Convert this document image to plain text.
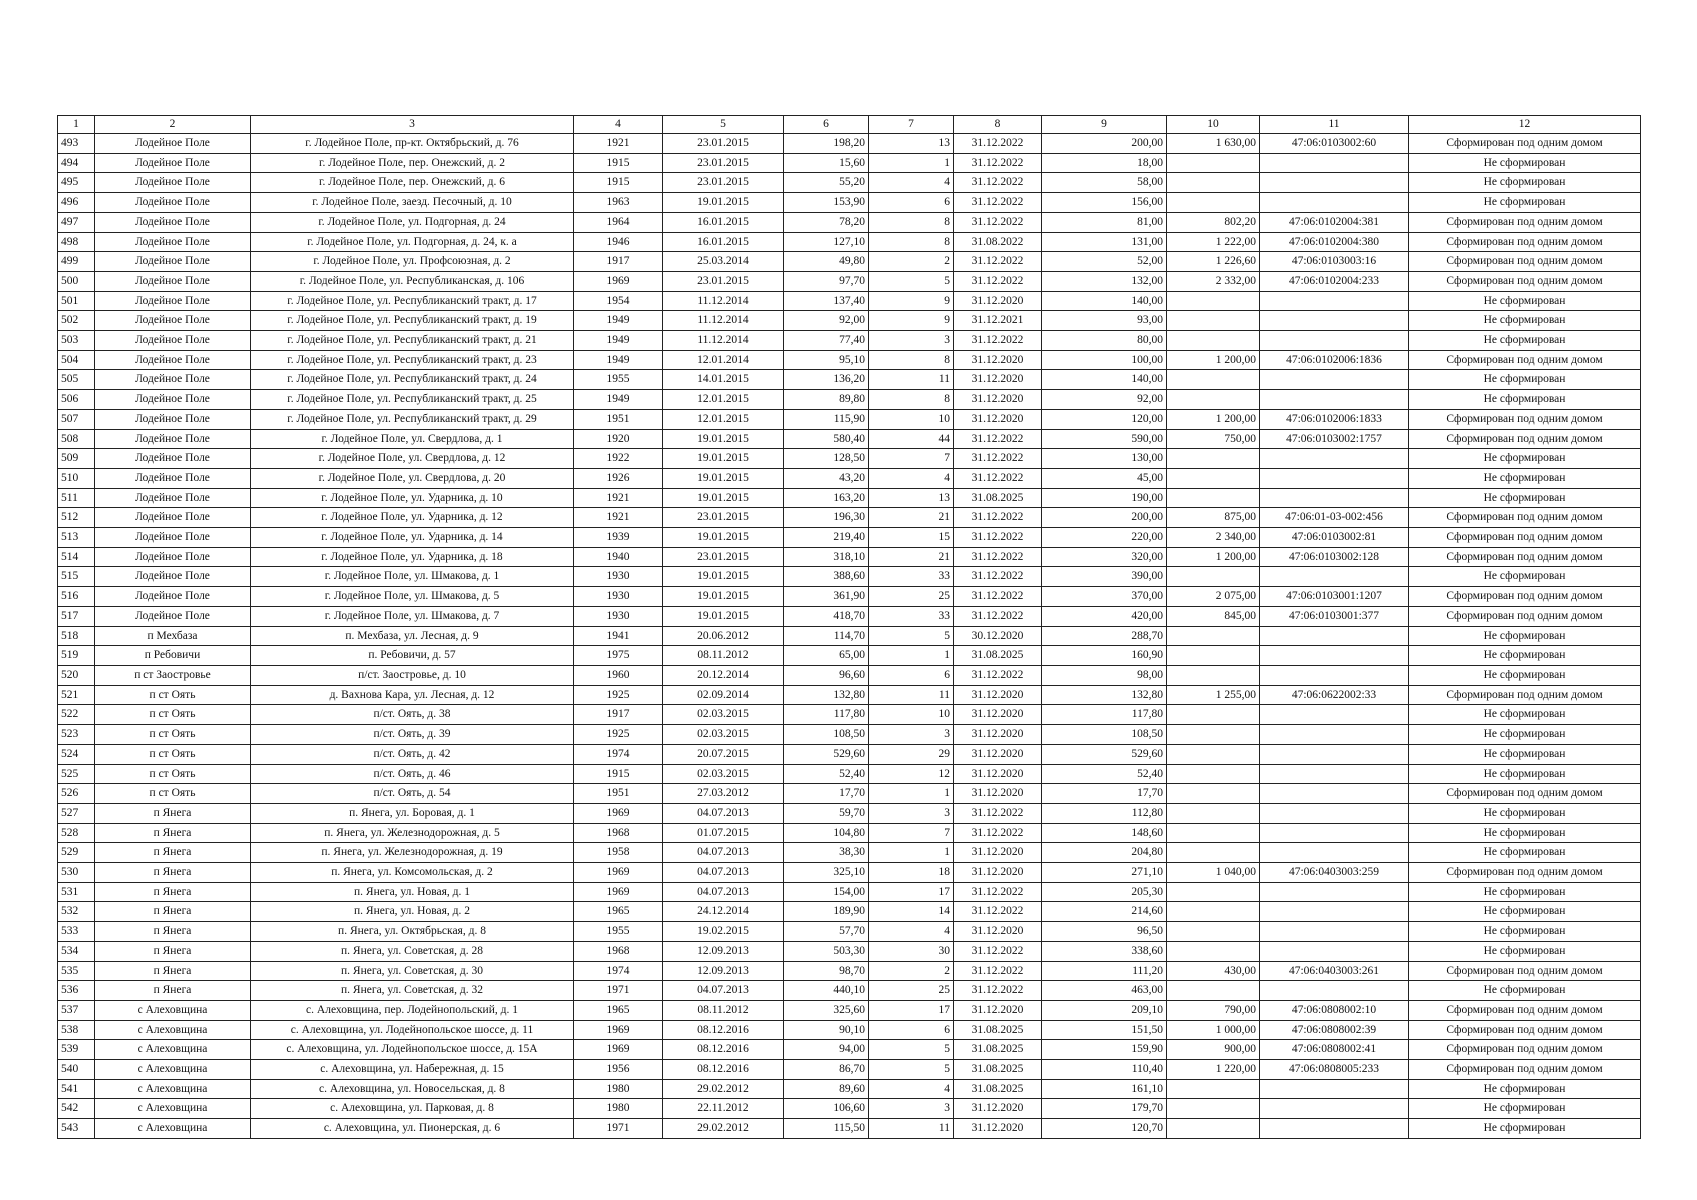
1	2	3	4	5	6	7	8	9	10	11	12
493	Лодейное Поле	г. Лодейное Поле, пр-кт. Октябрьский, д. 76	1921	23.01.2015	198,20	13	31.12.2022	200,00	1 630,00	47:06:0103002:60	Сформирован под одним домом
494	Лодейное Поле	г. Лодейное Поле, пер. Онежский, д. 2	1915	23.01.2015	15,60	1	31.12.2022	18,00			Не сформирован
495	Лодейное Поле	г. Лодейное Поле, пер. Онежский, д. 6	1915	23.01.2015	55,20	4	31.12.2022	58,00			Не сформирован
496	Лодейное Поле	г. Лодейное Поле, заезд. Песочный, д. 10	1963	19.01.2015	153,90	6	31.12.2022	156,00			Не сформирован
497	Лодейное Поле	г. Лодейное Поле, ул. Подгорная, д. 24	1964	16.01.2015	78,20	8	31.12.2022	81,00	802,20	47:06:0102004:381	Сформирован под одним домом
498	Лодейное Поле	г. Лодейное Поле, ул. Подгорная, д. 24, к. а	1946	16.01.2015	127,10	8	31.08.2022	131,00	1 222,00	47:06:0102004:380	Сформирован под одним домом
499	Лодейное Поле	г. Лодейное Поле, ул. Профсоюзная, д. 2	1917	25.03.2014	49,80	2	31.12.2022	52,00	1 226,60	47:06:0103003:16	Сформирован под одним домом
500	Лодейное Поле	г. Лодейное Поле, ул. Республиканская, д. 106	1969	23.01.2015	97,70	5	31.12.2022	132,00	2 332,00	47:06:0102004:233	Сформирован под одним домом
501	Лодейное Поле	г. Лодейное Поле, ул. Республиканский тракт, д. 17	1954	11.12.2014	137,40	9	31.12.2020	140,00			Не сформирован
502	Лодейное Поле	г. Лодейное Поле, ул. Республиканский тракт, д. 19	1949	11.12.2014	92,00	9	31.12.2021	93,00			Не сформирован
503	Лодейное Поле	г. Лодейное Поле, ул. Республиканский тракт, д. 21	1949	11.12.2014	77,40	3	31.12.2022	80,00			Не сформирован
504	Лодейное Поле	г. Лодейное Поле, ул. Республиканский тракт, д. 23	1949	12.01.2014	95,10	8	31.12.2020	100,00	1 200,00	47:06:0102006:1836	Сформирован под одним домом
505	Лодейное Поле	г. Лодейное Поле, ул. Республиканский тракт, д. 24	1955	14.01.2015	136,20	11	31.12.2020	140,00			Не сформирован
506	Лодейное Поле	г. Лодейное Поле, ул. Республиканский тракт, д. 25	1949	12.01.2015	89,80	8	31.12.2020	92,00			Не сформирован
507	Лодейное Поле	г. Лодейное Поле, ул. Республиканский тракт, д. 29	1951	12.01.2015	115,90	10	31.12.2020	120,00	1 200,00	47:06:0102006:1833	Сформирован под одним домом
508	Лодейное Поле	г. Лодейное Поле, ул. Свердлова, д. 1	1920	19.01.2015	580,40	44	31.12.2022	590,00	750,00	47:06:0103002:1757	Сформирован под одним домом
509	Лодейное Поле	г. Лодейное Поле, ул. Свердлова, д. 12	1922	19.01.2015	128,50	7	31.12.2022	130,00			Не сформирован
510	Лодейное Поле	г. Лодейное Поле, ул. Свердлова, д. 20	1926	19.01.2015	43,20	4	31.12.2022	45,00			Не сформирован
511	Лодейное Поле	г. Лодейное Поле, ул. Ударника, д. 10	1921	19.01.2015	163,20	13	31.08.2025	190,00			Не сформирован
512	Лодейное Поле	г. Лодейное Поле, ул. Ударника, д. 12	1921	23.01.2015	196,30	21	31.12.2022	200,00	875,00	47:06:01-03-002:456	Сформирован под одним домом
513	Лодейное Поле	г. Лодейное Поле, ул. Ударника, д. 14	1939	19.01.2015	219,40	15	31.12.2022	220,00	2 340,00	47:06:0103002:81	Сформирован под одним домом
514	Лодейное Поле	г. Лодейное Поле, ул. Ударника, д. 18	1940	23.01.2015	318,10	21	31.12.2022	320,00	1 200,00	47:06:0103002:128	Сформирован под одним домом
515	Лодейное Поле	г. Лодейное Поле, ул. Шмакова, д. 1	1930	19.01.2015	388,60	33	31.12.2022	390,00			Не сформирован
516	Лодейное Поле	г. Лодейное Поле, ул. Шмакова, д. 5	1930	19.01.2015	361,90	25	31.12.2022	370,00	2 075,00	47:06:0103001:1207	Сформирован под одним домом
517	Лодейное Поле	г. Лодейное Поле, ул. Шмакова, д. 7	1930	19.01.2015	418,70	33	31.12.2022	420,00	845,00	47:06:0103001:377	Сформирован под одним домом
518	п Мехбаза	п. Мехбаза, ул. Лесная, д. 9	1941	20.06.2012	114,70	5	30.12.2020	288,70			Не сформирован
519	п Ребовичи	п. Ребовичи, д. 57	1975	08.11.2012	65,00	1	31.08.2025	160,90			Не сформирован
520	п ст Заостровье	п/ст. Заостровье, д. 10	1960	20.12.2014	96,60	6	31.12.2022	98,00			Не сформирован
521	п ст Оять	д. Вахнова Кара, ул. Лесная, д. 12	1925	02.09.2014	132,80	11	31.12.2020	132,80	1 255,00	47:06:0622002:33	Сформирован под одним домом
522	п ст Оять	п/ст. Оять, д. 38	1917	02.03.2015	117,80	10	31.12.2020	117,80			Не сформирован
523	п ст Оять	п/ст. Оять, д. 39	1925	02.03.2015	108,50	3	31.12.2020	108,50			Не сформирован
524	п ст Оять	п/ст. Оять, д. 42	1974	20.07.2015	529,60	29	31.12.2020	529,60			Не сформирован
525	п ст Оять	п/ст. Оять, д. 46	1915	02.03.2015	52,40	12	31.12.2020	52,40			Не сформирован
526	п ст Оять	п/ст. Оять, д. 54	1951	27.03.2012	17,70	1	31.12.2020	17,70			Сформирован под одним домом
527	п Янега	п. Янега, ул. Боровая, д. 1	1969	04.07.2013	59,70	3	31.12.2022	112,80			Не сформирован
528	п Янега	п. Янега, ул. Железнодорожная, д. 5	1968	01.07.2015	104,80	7	31.12.2022	148,60			Не сформирован
529	п Янега	п. Янега, ул. Железнодорожная, д. 19	1958	04.07.2013	38,30	1	31.12.2020	204,80			Не сформирован
530	п Янега	п. Янега, ул. Комсомольская, д. 2	1969	04.07.2013	325,10	18	31.12.2020	271,10	1 040,00	47:06:0403003:259	Сформирован под одним домом
531	п Янега	п. Янега, ул. Новая, д. 1	1969	04.07.2013	154,00	17	31.12.2022	205,30			Не сформирован
532	п Янега	п. Янега, ул. Новая, д. 2	1965	24.12.2014	189,90	14	31.12.2022	214,60			Не сформирован
533	п Янега	п. Янега, ул. Октябрьская, д. 8	1955	19.02.2015	57,70	4	31.12.2020	96,50			Не сформирован
534	п Янега	п. Янега, ул. Советская, д. 28	1968	12.09.2013	503,30	30	31.12.2022	338,60			Не сформирован
535	п Янега	п. Янега, ул. Советская, д. 30	1974	12.09.2013	98,70	2	31.12.2022	111,20	430,00	47:06:0403003:261	Сформирован под одним домом
536	п Янега	п. Янега, ул. Советская, д. 32	1971	04.07.2013	440,10	25	31.12.2022	463,00			Не сформирован
537	с Алеховщина	с. Алеховщина, пер. Лодейнопольский, д. 1	1965	08.11.2012	325,60	17	31.12.2020	209,10	790,00	47:06:0808002:10	Сформирован под одним домом
538	с Алеховщина	с. Алеховщина, ул. Лодейнопольское шоссе, д. 11	1969	08.12.2016	90,10	6	31.08.2025	151,50	1 000,00	47:06:0808002:39	Сформирован под одним домом
539	с Алеховщина	с. Алеховщина, ул. Лодейнопольское шоссе, д. 15А	1969	08.12.2016	94,00	5	31.08.2025	159,90	900,00	47:06:0808002:41	Сформирован под одним домом
540	с Алеховщина	с. Алеховщина, ул. Набережная, д. 15	1956	08.12.2016	86,70	5	31.08.2025	110,40	1 220,00	47:06:0808005:233	Сформирован под одним домом
541	с Алеховщина	с. Алеховщина, ул. Новосельская, д. 8	1980	29.02.2012	89,60	4	31.08.2025	161,10			Не сформирован
542	с Алеховщина	с. Алеховщина, ул. Парковая, д. 8	1980	22.11.2012	106,60	3	31.12.2020	179,70			Не сформирован
543	с Алеховщина	с. Алеховщина, ул. Пионерская, д. 6	1971	29.02.2012	115,50	11	31.12.2020	120,70			Не сформирован
